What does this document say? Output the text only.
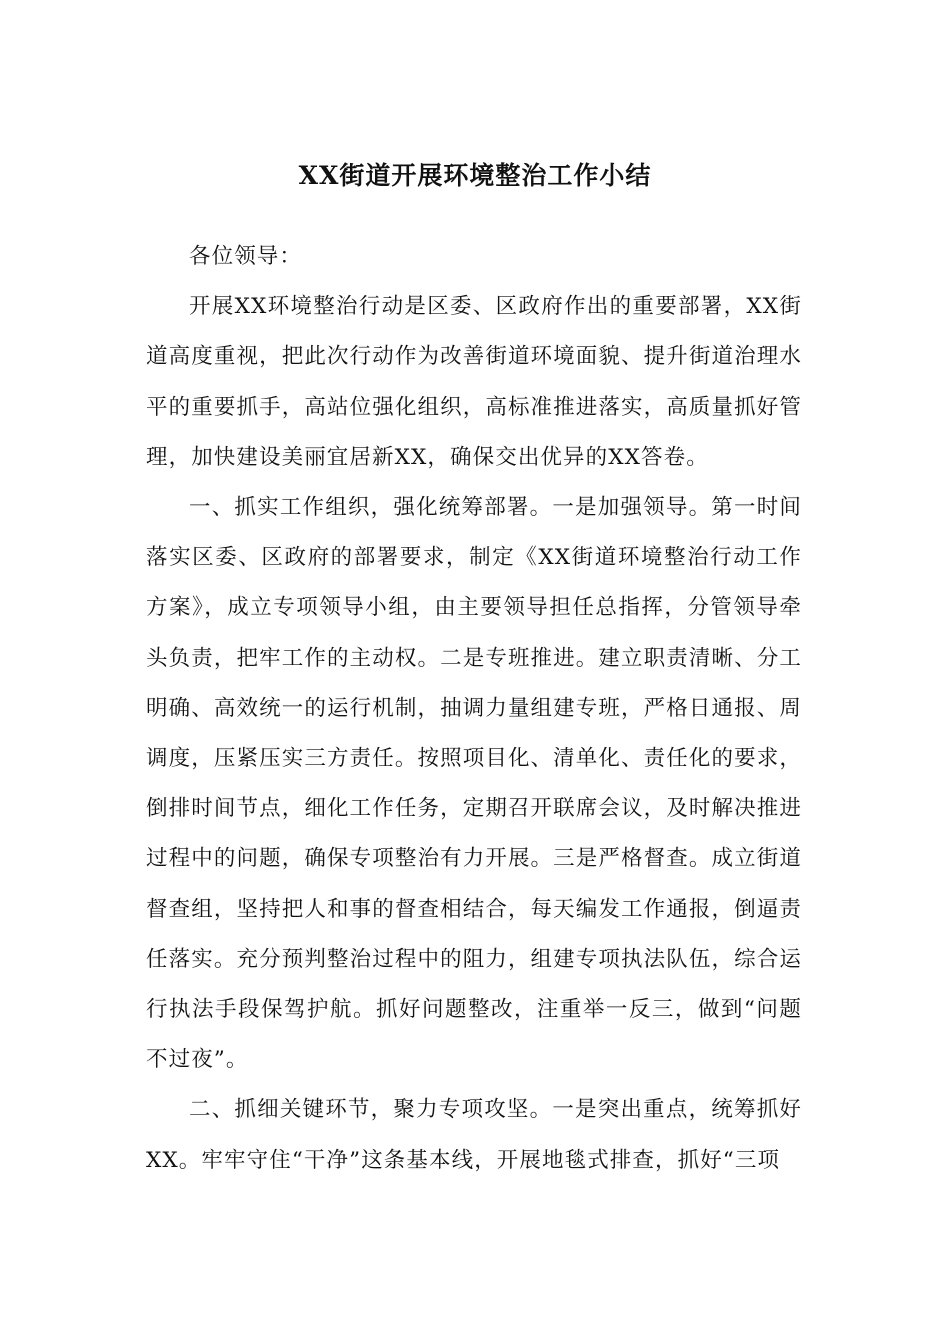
XX街道开展环境整治工作小结

各位领导：

开展XX环境整治行动是区委、区政府作出的重要部署，XX街道高度重视，把此次行动作为改善街道环境面貌、提升街道治理水平的重要抓手，高站位强化组织，高标准推进落实，高质量抓好管理，加快建设美丽宜居新XX，确保交出优异的XX答卷。

一、抓实工作组织，强化统筹部署。一是加强领导。第一时间落实区委、区政府的部署要求，制定《XX街道环境整治行动工作方案》，成立专项领导小组，由主要领导担任总指挥，分管领导牵头负责，把牢工作的主动权。二是专班推进。建立职责清晰、分工明确、高效统一的运行机制，抽调力量组建专班，严格日通报、周调度，压紧压实三方责任。按照项目化、清单化、责任化的要求，倒排时间节点，细化工作任务，定期召开联席会议，及时解决推进过程中的问题，确保专项整治有力开展。三是严格督查。成立街道督查组，坚持把人和事的督查相结合，每天编发工作通报，倒逼责任落实。充分预判整治过程中的阻力，组建专项执法队伍，综合运行执法手段保驾护航。抓好问题整改，注重举一反三，做到“问题不过夜”。

二、抓细关键环节，聚力专项攻坚。一是突出重点，统筹抓好XX。牢牢守住“干净”这条基本线，开展地毯式排查，抓好“三项
